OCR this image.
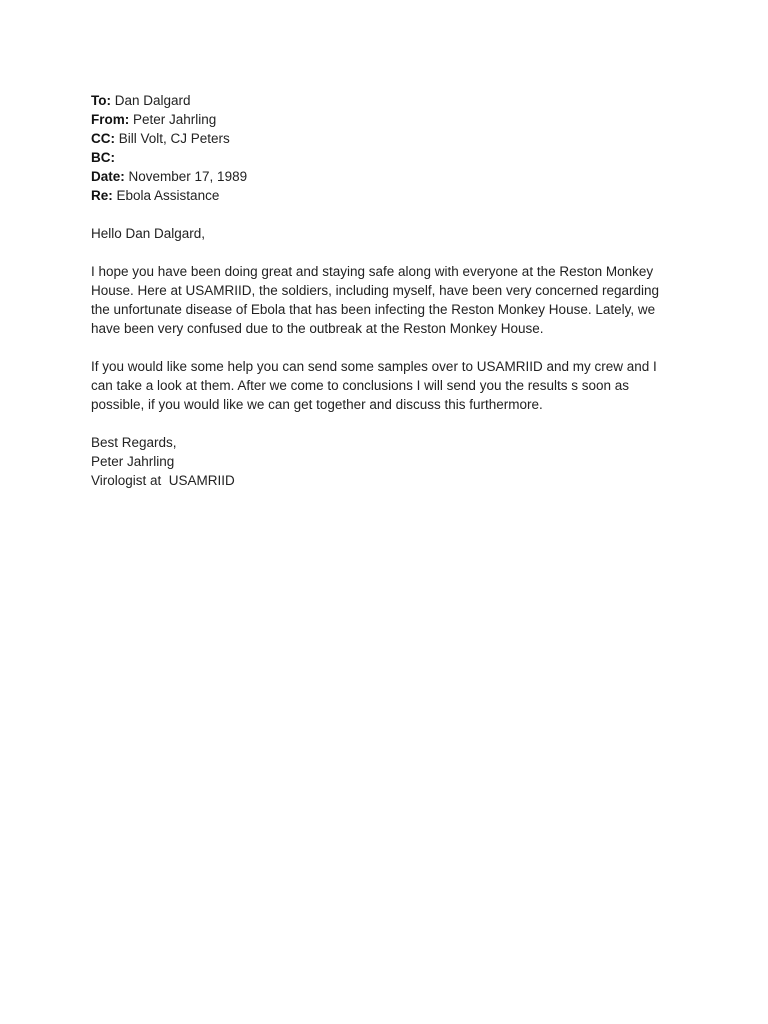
To: Dan Dalgard
From: Peter Jahrling
CC: Bill Volt, CJ Peters
BC:
Date: November 17, 1989
Re: Ebola Assistance
Hello Dan Dalgard,
I hope you have been doing great and staying safe along with everyone at the Reston Monkey House. Here at USAMRIID, the soldiers, including myself, have been very concerned regarding the unfortunate disease of Ebola that has been infecting the Reston Monkey House. Lately, we have been very confused due to the outbreak at the Reston Monkey House.
If you would like some help you can send some samples over to USAMRIID and my crew and I can take a look at them. After we come to conclusions I will send you the results s soon as possible, if you would like we can get together and discuss this furthermore.
Best Regards,
Peter Jahrling
Virologist at  USAMRIID
